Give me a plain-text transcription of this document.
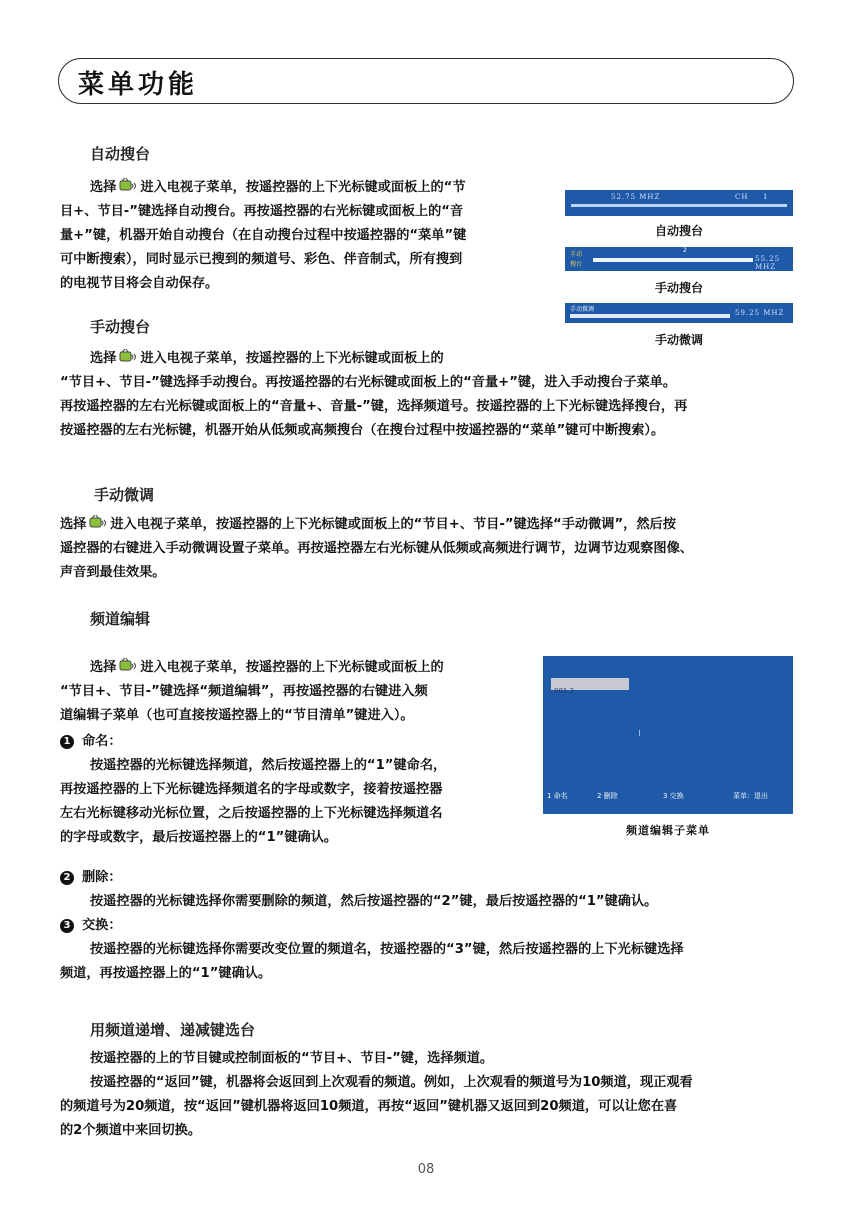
菜单功能
自动搜台
选择 进入电视子菜单，按遥控器的上下光标键或面板上的“节
目+、节目-”键选择自动搜台。再按遥控器的右光标键或面板上的“音
量+”键，机器开始自动搜台（在自动搜台过程中按遥控器的“菜单”键
可中断搜索），同时显示已搜到的频道号、彩色、伴音制式，所有搜到
的电视节目将会自动保存。
52.75 MHZ	CH 1
自动搜台
手动
搜台
2
55.25 MHZ
手动搜台
手动微调	59.25 MHZ
手动微调
手动搜台
选择 进入电视子菜单，按遥控器的上下光标键或面板上的
“节目+、节目-”键选择手动搜台。再按遥控器的右光标键或面板上的“音量+”键，进入手动搜台子菜单。
再按遥控器的左右光标键或面板上的“音量+、音量-”键，选择频道号。按遥控器的上下光标键选择搜台，再
按遥控器的左右光标键，机器开始从低频或高频搜台（在搜台过程中按遥控器的“菜单”键可中断搜索）。
手动微调
选择 进入电视子菜单，按遥控器的上下光标键或面板上的“节目+、节目-”键选择“手动微调”，然后按
遥控器的右键进入手动微调设置子菜单。再按遥控器左右光标键从低频或高频进行调节，边调节边观察图像、
声音到最佳效果。
频道编辑
选择 进入电视子菜单，按遥控器的上下光标键或面板上的
“节目+、节目-”键选择“频道编辑”，再按遥控器的右键进入频
道编辑子菜单（也可直接按遥控器上的“节目清单”键进入）。
1 命名：
按遥控器的光标键选择频道，然后按遥控器上的“1”键命名，
再按遥控器的上下光标键选择频道名的字母或数字，接着按遥控器
左右光标键移动光标位置，之后按遥控器的上下光标键选择频道名
的字母或数字，最后按遥控器上的“1”键确认。
001 2
1 命名	2 删除	3 交换	菜单：退出
频道编辑子菜单
2 删除：
按遥控器的光标键选择你需要删除的频道，然后按遥控器的“2”键，最后按遥控器的“1”键确认。
3 交换：
按遥控器的光标键选择你需要改变位置的频道名，按遥控器的“3”键，然后按遥控器的上下光标键选择
频道，再按遥控器上的“1”键确认。
用频道递增、递减键选台
按遥控器的上的节目键或控制面板的“节目+、节目-”键，选择频道。
按遥控器的“返回”键，机器将会返回到上次观看的频道。例如，上次观看的频道号为10频道，现正观看
的频道号为20频道，按“返回”键机器将返回10频道，再按“返回”键机器又返回到20频道，可以让您在喜
的2个频道中来回切换。
08
